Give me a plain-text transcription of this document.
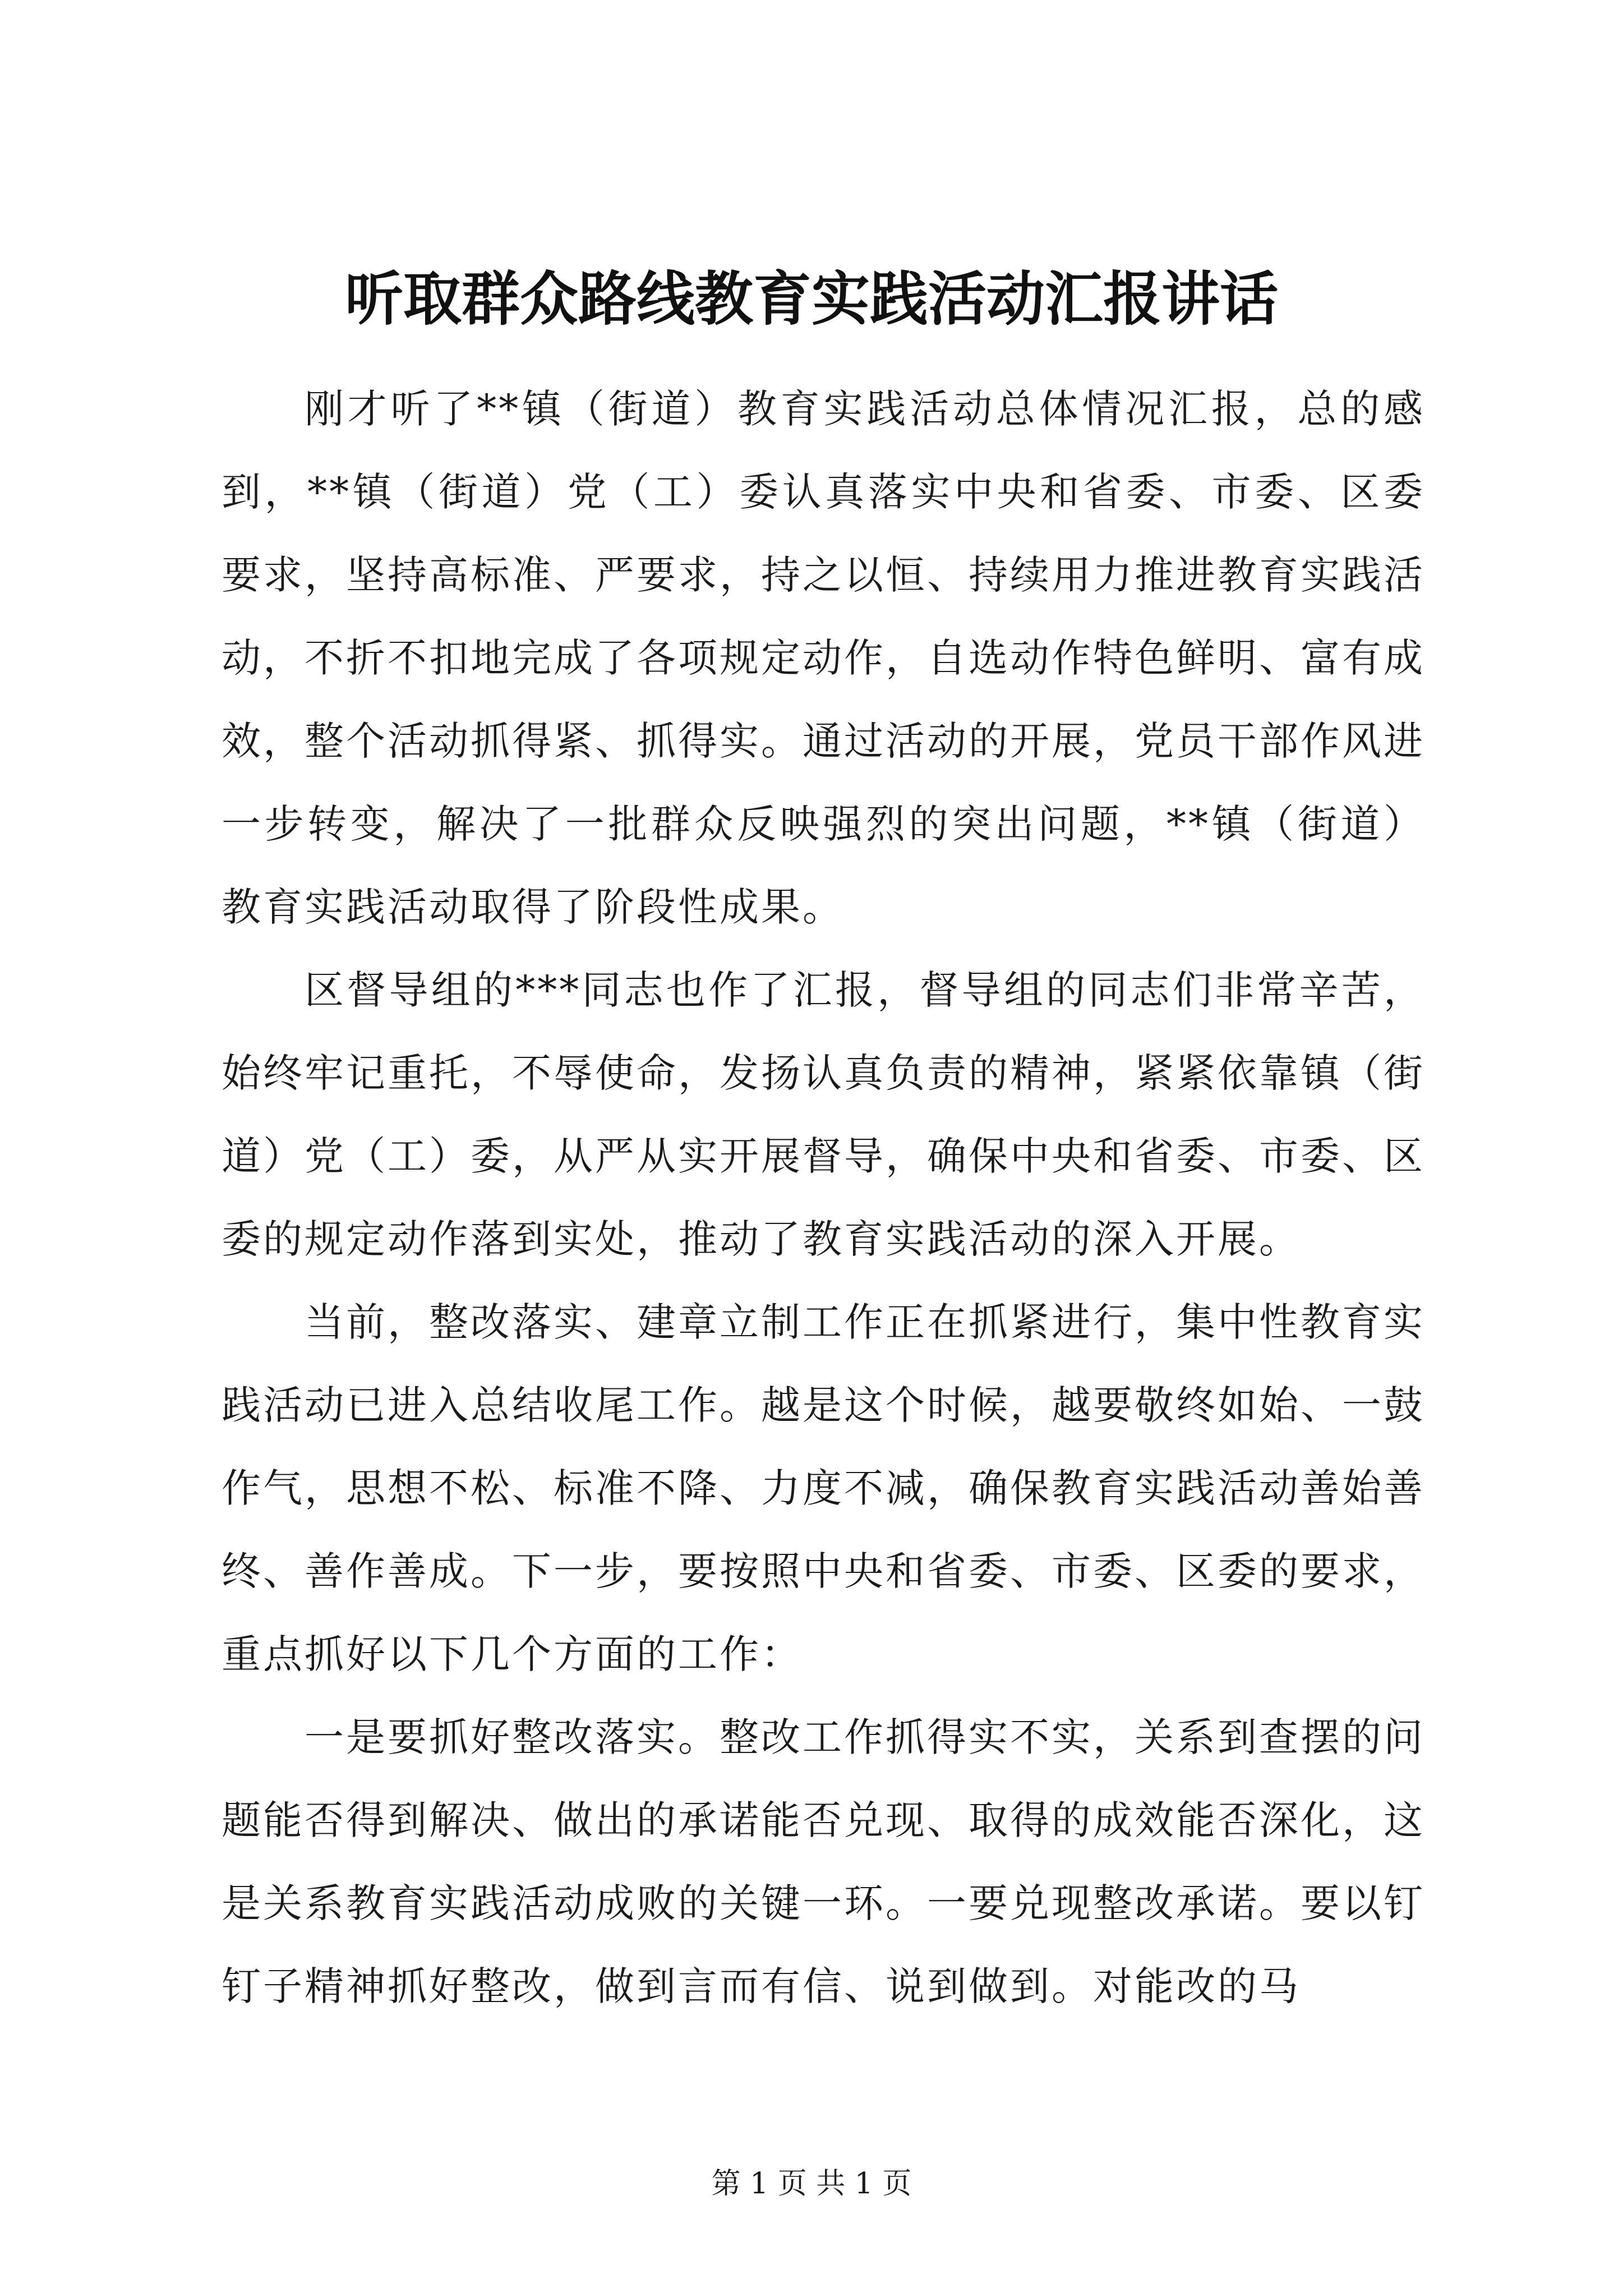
听取群众路线教育实践活动汇报讲话

刚才听了**镇（街道）教育实践活动总体情况汇报，总的感到，**镇（街道）党（工）委认真落实中央和省委、市委、区委要求，坚持高标准、严要求，持之以恒、持续用力推进教育实践活动，不折不扣地完成了各项规定动作，自选动作特色鲜明、富有成效，整个活动抓得紧、抓得实。通过活动的开展，党员干部作风进一步转变，解决了一批群众反映强烈的突出问题，**镇（街道）教育实践活动取得了阶段性成果。

区督导组的***同志也作了汇报，督导组的同志们非常辛苦，始终牢记重托，不辱使命，发扬认真负责的精神，紧紧依靠镇（街道）党（工）委，从严从实开展督导，确保中央和省委、市委、区委的规定动作落到实处，推动了教育实践活动的深入开展。

当前，整改落实、建章立制工作正在抓紧进行，集中性教育实践活动已进入总结收尾工作。越是这个时候，越要敬终如始、一鼓作气，思想不松、标准不降、力度不减，确保教育实践活动善始善终、善作善成。下一步，要按照中央和省委、市委、区委的要求，重点抓好以下几个方面的工作：

一是要抓好整改落实。整改工作抓得实不实，关系到查摆的问题能否得到解决、做出的承诺能否兑现、取得的成效能否深化，这是关系教育实践活动成败的关键一环。一要兑现整改承诺。要以钉钉子精神抓好整改，做到言而有信、说到做到。对能改的马

第 1 页 共 1 页
